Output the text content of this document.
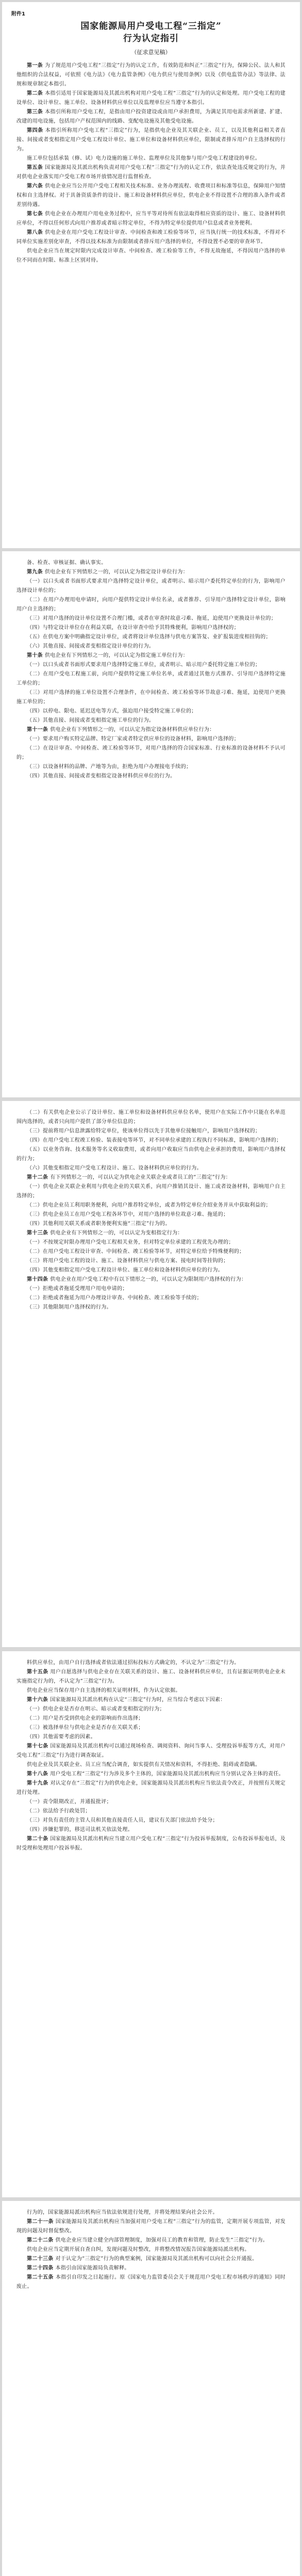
附件1
国家能源局用户受电工程“三指定”
行为认定指引
（征求意见稿）

第一条 为了规范用户受电工程“三指定”行为的认定工作，有效防范和纠正“三指定”行为，保障公民、法人和其他组织的合法权益，可依照《电力法》《电力监管条例》《电力供应与使用条例》以及《供电监管办法》等法律、法规和规章制定本指引。

第二条 本指引适用于国家能源局及其派出机构对用户受电工程“三指定”行为的认定和处理。用户受电工程的建设单位、设计单位、施工单位、设备材料供应单位以及监理单位应当遵守本指引。

第三条 本指引所称用户受电工程，是指由用户投资建设或由用户承担费用，为满足其用电需求所新建、扩建、改建的用电设施，包括用户产权范围内的线路、变配电设施及其他受电设施。

第四条 本指引所称用户受电工程“三指定”行为，是指供电企业及其关联企业、员工，以及其他利益相关者直接、间接或者变相指定用户受电工程设计单位、施工单位和设备材料供应单位，限制或者排斥用户自主选择权的行为。

施工单位包括承装（修、试）电力设施的施工单位、监理单位及其他参与用户受电工程建设的单位。

第五条 国家能源局及其派出机构负责对用户受电工程“三指定”行为的认定工作，依法查处违反规定的行为，并对供电企业落实用户受电工程市场开放情况进行监督检查。

第六条 供电企业应当公开用户受电工程相关技术标准、业务办理流程、收费项目和标准等信息，保障用户知情权和自主选择权。对于具备资质条件的设计、施工和设备材料供应单位，供电企业不得设置不合理的准入条件或者差别待遇。

第七条 供电企业在办理用户用电业务过程中，应当平等对待所有依法取得相应资质的设计、施工、设备材料供应单位，不得以任何形式向用户推荐或者暗示特定单位，不得为特定单位提供用户信息或者业务便利。

第八条 供电企业在用户受电工程设计审查、中间检查和竣工检验等环节，应当执行统一的技术标准，不得对不同单位实施差别化审查，不得以技术标准为由限制或者排斥用户选择的单位，不得设置不必要的审查环节。

供电企业应当在规定时限内完成设计审查、中间检查、竣工检验等工作，不得无故拖延，不得因用户选择的单位不同而在时限、标准上区别对待。

备、检查、审核证据、确认事实。

第九条 供电企业有下列情形之一的，可以认定为指定设计单位行为：

（一）以口头或者书面形式要求用户选择特定设计单位，或者明示、暗示用户委托特定单位的行为，影响用户选择设计单位的；

（二）在用户办理用电申请时，向用户提供特定设计单位名录，或者推荐、引导用户选择特定设计单位，影响用户自主选择的；

（三）对用户选择的设计单位设置不合理门槛，或者在审查时故意刁难、拖延，迫使用户更换设计单位的；

（四）与特定设计单位存在利益关联，在设计审查中给予其特殊便利，影响用户选择权的；

（五）在供电方案中明确指定设计单位，或者将设计单位选择与供电方案答复、业扩报装进度相挂钩的；

（六）其他直接、间接或者变相指定设计单位的行为。

第十条 供电企业有下列情形之一的，可以认定为指定施工单位行为：

（一）以口头或者书面形式要求用户选择特定施工单位，或者明示、暗示用户委托特定施工单位的；

（二）在用户受电工程施工前，向用户提供特定施工单位名单，或者通过其他方式推荐、引导用户选择特定施工单位的；

（三）对用户选择的施工单位设置不合理条件，在中间检查、竣工检验等环节故意刁难、拖延，迫使用户更换施工单位的；

（四）以停电、限电、延迟送电等方式，强迫用户接受特定施工单位的；

（五）其他直接、间接或者变相指定施工单位的行为。

第十一条 供电企业有下列情形之一的，可以认定为指定设备材料供应单位行为：

（一）要求用户购买特定品牌、特定厂家或者特定供应单位的设备材料，影响用户选择的；

（二）在设计审查、中间检查、竣工检验等环节，对用户选择的符合国家标准、行业标准的设备材料不予认可的；

（三）以设备材料的品牌、产地等为由，拒绝为用户办理接电手续的；

（四）其他直接、间接或者变相指定设备材料供应单位的行为。

（二）有关供电企业公示了设计单位、施工单位和设备材料供应单位名单，使用户在实际工作中只能在名单范围内选择的，或者只向用户提供了部分单位信息的；

（三）提前将用户信息泄露给特定单位，使该单位得以先于其他单位接触用户，影响用户选择权的；

（四）在用户受电工程竣工检验、装表接电等环节，对不同单位承建的工程执行不同标准，影响用户选择的；

（五）以业务咨询、技术服务等名义收取费用，或者向用户收取应当由供电企业承担的费用，影响用户选择权的行为；

（六）其他变相指定用户受电工程设计、施工、设备材料供应单位的行为。

第十二条 有下列情形之一的，可以认定为供电企业关联企业或者员工的“三指定”行为：

（一）供电企业关联企业利用与供电企业的关联关系，向用户推销其设计、施工或者设备材料，影响用户自主选择的；

（二）供电企业员工利用职务便利，向用户推荐特定单位，或者为特定单位介绍业务并从中获取利益的；

（三）供电企业员工在用户受电工程各环节中，对用户选择的单位故意刁难、拖延的；

（四）其他利用关联关系或者职务便利实施“三指定”行为的。

第十三条 供电企业有下列情形之一的，可以认定为变相指定行为：

（一）不按规定时限办理用户受电工程相关业务，但对特定单位承建的工程优先办理的；

（二）在用户受电工程设计审查、中间检查、竣工检验等环节，对特定单位给予特殊便利的；

（三）将用户受电工程的设计、施工、设备材料供应与供电方案、接电时间等挂钩的；

（四）其他变相指定用户受电工程设计单位、施工单位和设备材料供应单位的行为。

第十四条 供电企业在用户受电工程中有以下情形之一的，可以认定为限制用户选择权的行为：

（一）拒绝或者拖延受理用户用电申请的；

（二）拒绝或者拖延为用户办理设计审查、中间检查、竣工检验等手续的；

（三）其他限制用户选择权的行为。

料供应单位，由用户自行选择或者依法通过招标投标方式确定的，不认定为“三指定”行为。

第十五条 用户自愿选择与供电企业存在关联关系的设计、施工、设备材料供应单位，且有证据证明供电企业未实施指定行为的，不认定为“三指定”行为。

供电企业应当保存用户自主选择的相关证明材料，作为认定依据。

第十六条 国家能源局及其派出机构在认定“三指定”行为时，应当综合考虑以下因素：

（一）供电企业是否存在明示、暗示或者变相指定的行为；

（二）用户是否受到供电企业的影响而作出选择；

（三）被选择单位与供电企业是否存在关联关系；

（四）其他需要考虑的因素。

第十七条 国家能源局及其派出机构可以通过现场检查、调阅资料、询问当事人、受理投诉举报等方式，对用户受电工程“三指定”行为进行调查取证。

供电企业及其关联企业、员工应当配合调查，如实提供有关情况和资料，不得拒绝、阻碍或者隐瞒。

第十八条 用户受电工程“三指定”行为涉及多个主体的，国家能源局及其派出机构应当分别认定各主体的责任。

第十九条 对认定存在“三指定”行为的供电企业，国家能源局及其派出机构应当依法责令改正，并按照有关规定进行处理。

（一）责令限期改正，并通报批评；

（二）依法给予行政处罚；

（三）对负有责任的主管人员和其他直接责任人员，建议有关部门依法给予处分；

（四）涉嫌犯罪的，移送司法机关依法处理。

第二十条 国家能源局及其派出机构应当建立用户受电工程“三指定”行为投诉举报制度，公布投诉举报电话，及时受理和处理用户投诉举报。

行为的，国家能源局派出机构应当依法依规进行处理，并将处理结果向社会公开。

第二十一条 国家能源局及其派出机构应当加强对用户受电工程“三指定”行为的监管，定期开展专项监管，对发现的问题及时督促整改。

第二十二条 供电企业应当建立健全内部管理制度，加强对员工的教育和管理，防止发生“三指定”行为。

供电企业应当定期开展自查自纠，发现问题及时整改，并将整改情况报告国家能源局派出机构。

第二十三条 对于认定为“三指定”行为的典型案例，国家能源局及其派出机构可以向社会公开通报。

第二十四条 本指引由国家能源局负责解释。

第二十五条 本指引自印发之日起施行。原《国家电力监管委员会关于规范用户受电工程市场秩序的通知》同时废止。
